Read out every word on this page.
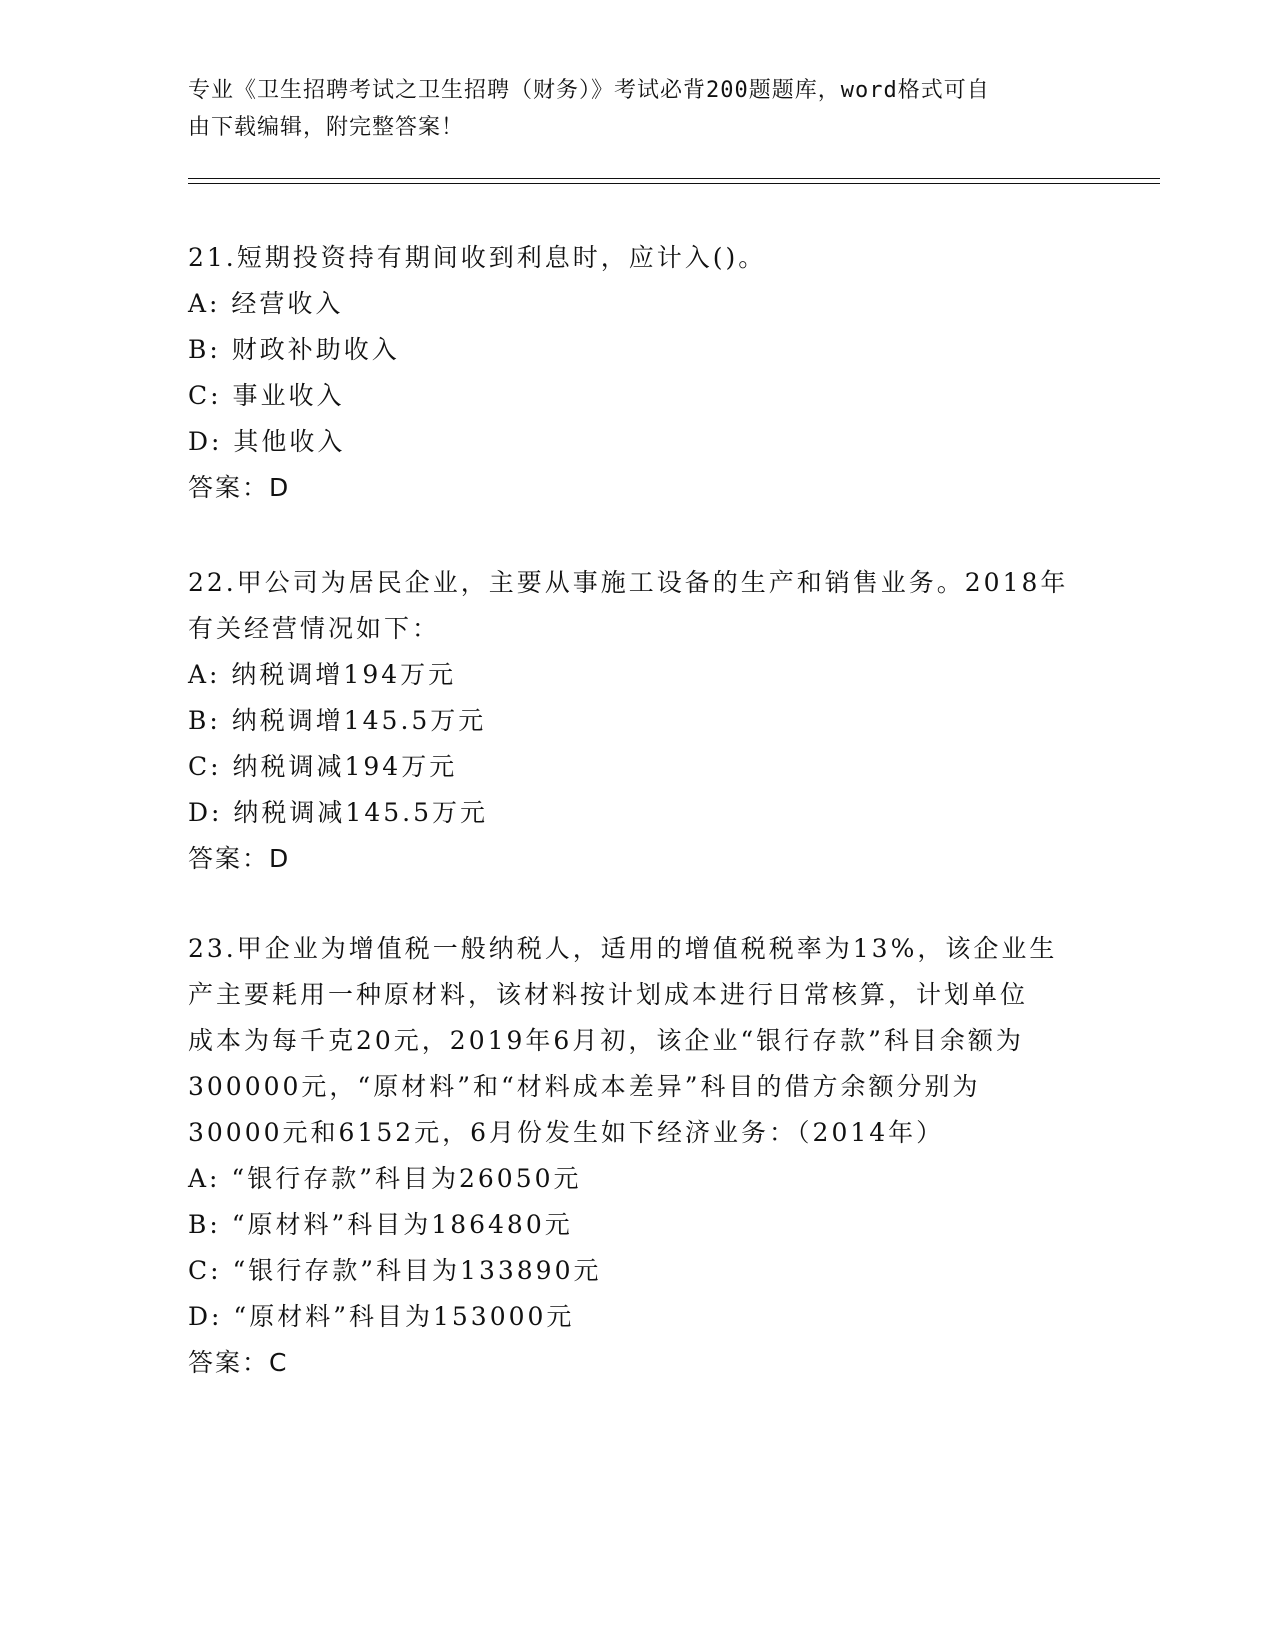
专业《卫生招聘考试之卫生招聘（财务）》考试必背200题题库，word格式可自
由下载编辑，附完整答案！
21.短期投资持有期间收到利息时，应计入()。
A: 经营收入
B: 财政补助收入
C: 事业收入
D: 其他收入
答案：D
22.甲公司为居民企业，主要从事施工设备的生产和销售业务。2018年
有关经营情况如下：
A: 纳税调增194万元
B: 纳税调增145.5万元
C: 纳税调减194万元
D: 纳税调减145.5万元
答案：D
23.甲企业为增值税一般纳税人，适用的增值税税率为13%，该企业生
产主要耗用一种原材料，该材料按计划成本进行日常核算，计划单位
成本为每千克20元，2019年6月初，该企业“银行存款”科目余额为
300000元，“原材料”和“材料成本差异”科目的借方余额分别为
30000元和6152元，6月份发生如下经济业务：（2014年）
A: “银行存款”科目为26050元
B: “原材料”科目为186480元
C: “银行存款”科目为133890元
D: “原材料”科目为153000元
答案：C
